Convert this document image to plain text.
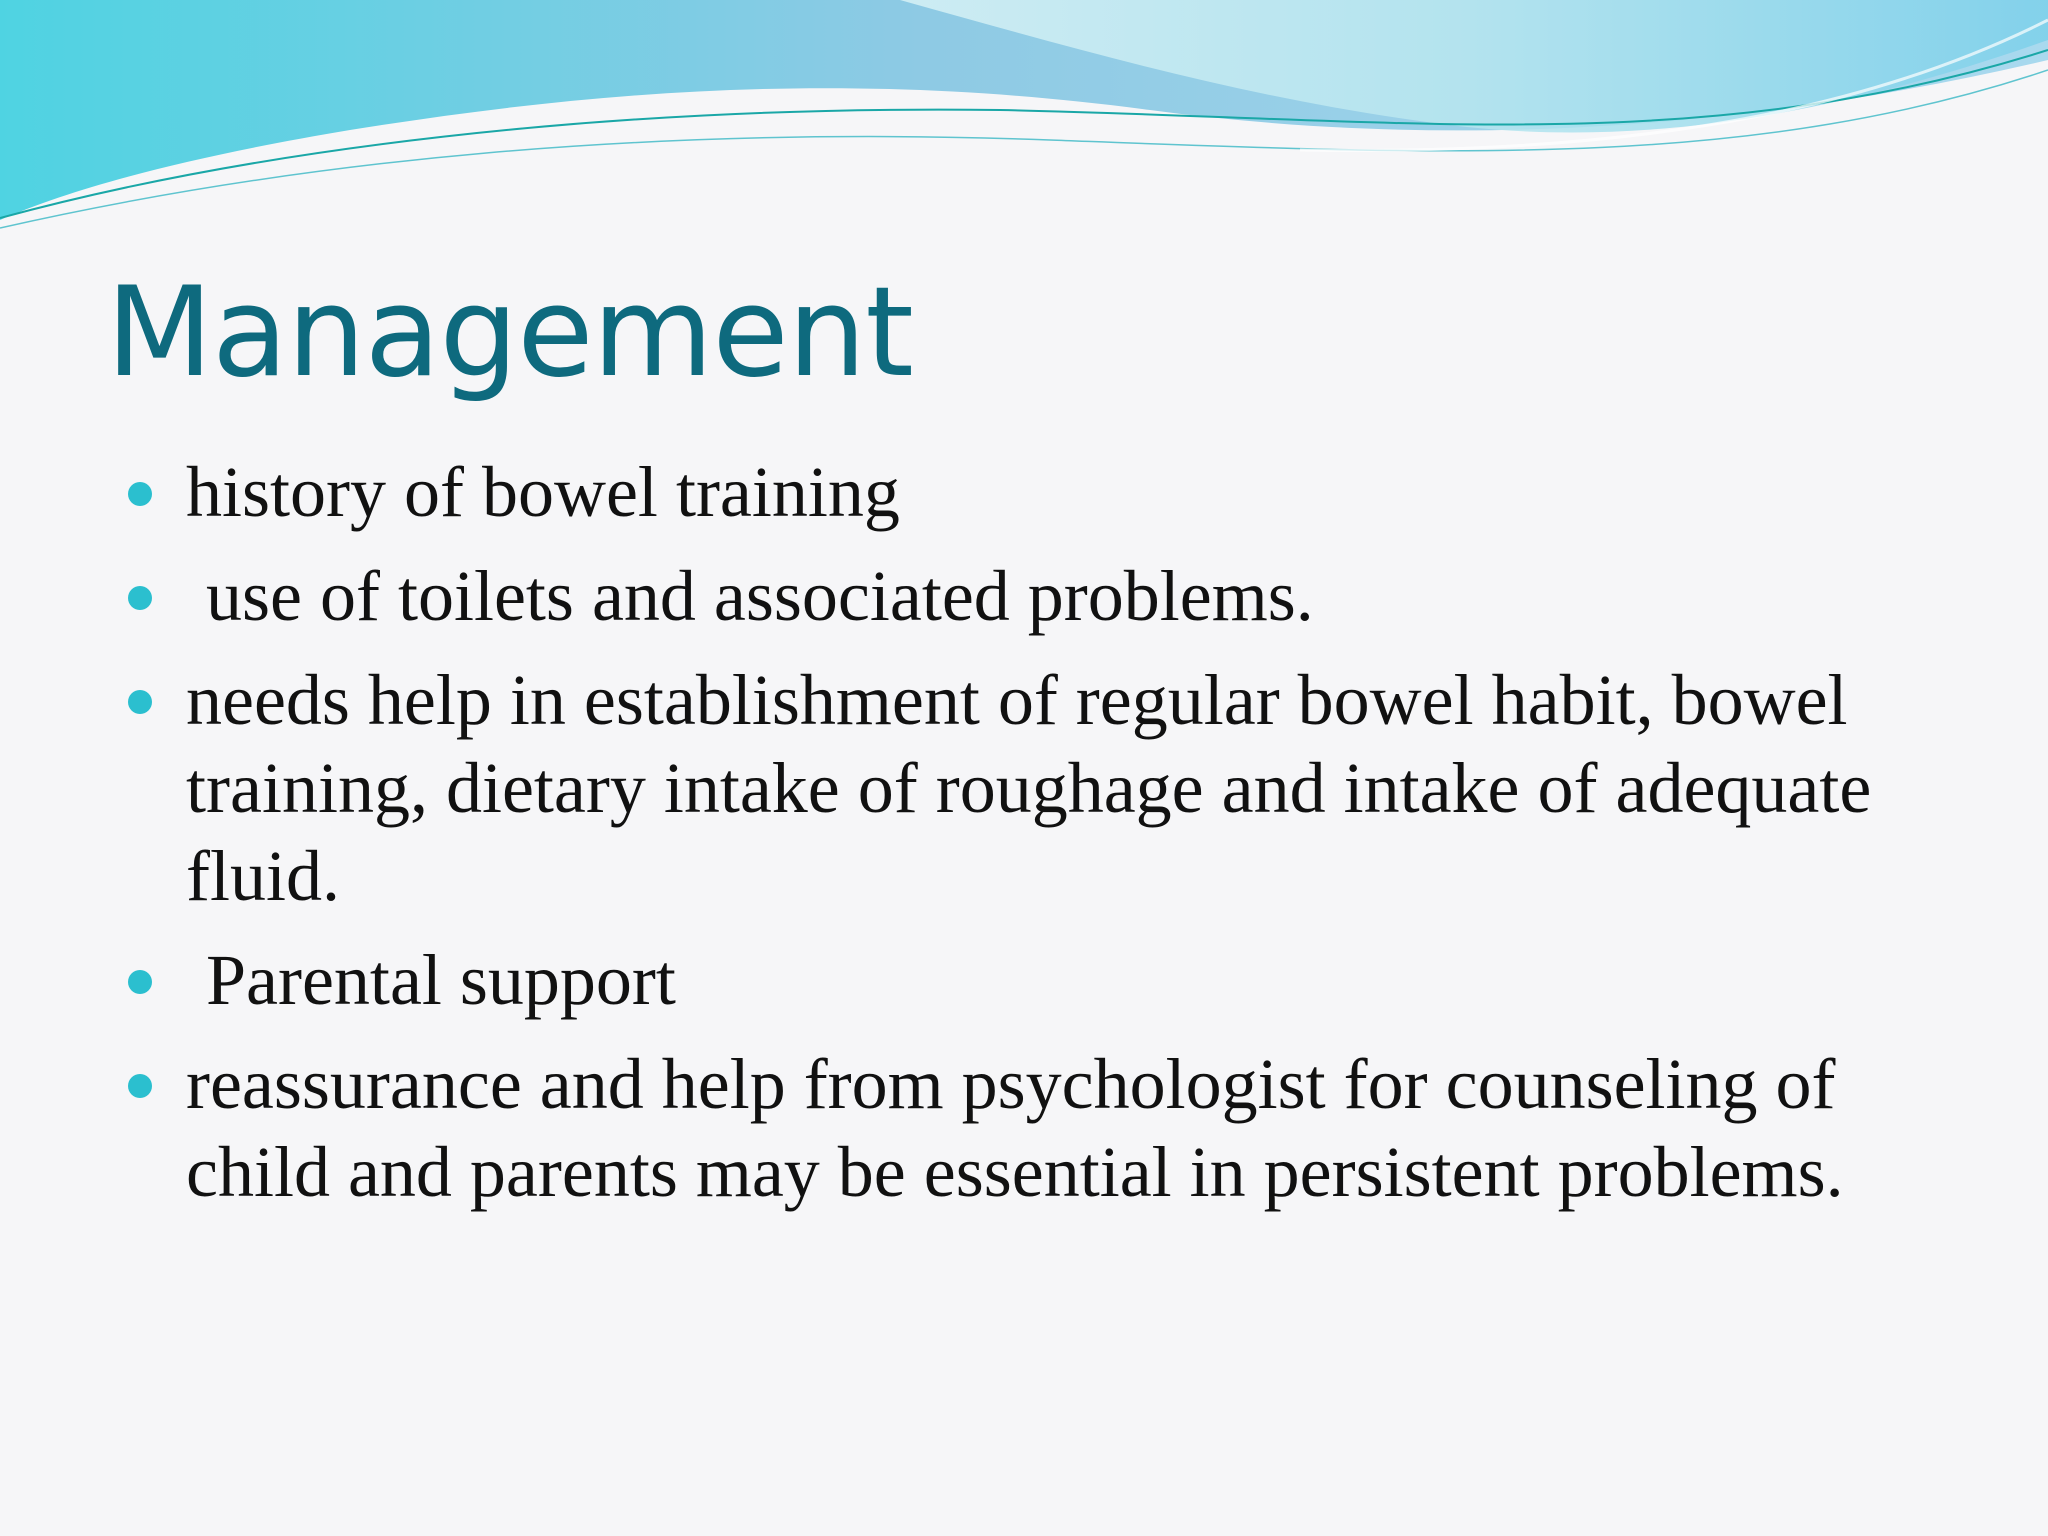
Management
history of bowel training
use of toilets and associated problems.
needs help in establishment of regular bowel habit, bowel training, dietary intake of roughage and intake of adequate fluid.
Parental support
reassurance and help from psychologist for counseling of child and parents may be essential in persistent problems.
